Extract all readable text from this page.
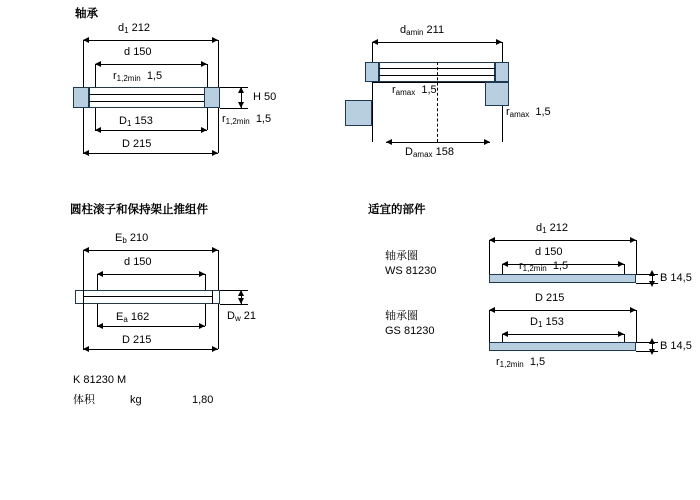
轴承
圆柱滚子和保持架止推组件	适宜的部件
$d_1$ 212
d 150
$r_{1,2min}$ 1,5
H 50
$r_{1,2min}$ 1,5
$D_1$ 153
D 215
$d_{amin}$ 211
$r_{amax}$ 1,5
$r_{amax}$ 1,5
$D_{amax}$ 158
$E_b$ 210
d 150
$D_w$ 21
$E_a$ 162
D 215
K 81230 M
体积	kg	1,80
轴承圈
WS 81230
$d_1$ 212
d 150
$r_{1,2min}$ 1,5
B 14,5
轴承圈
GS 81230
D 215
$D_1$ 153
B 14,5
$r_{1,2min}$ 1,5
